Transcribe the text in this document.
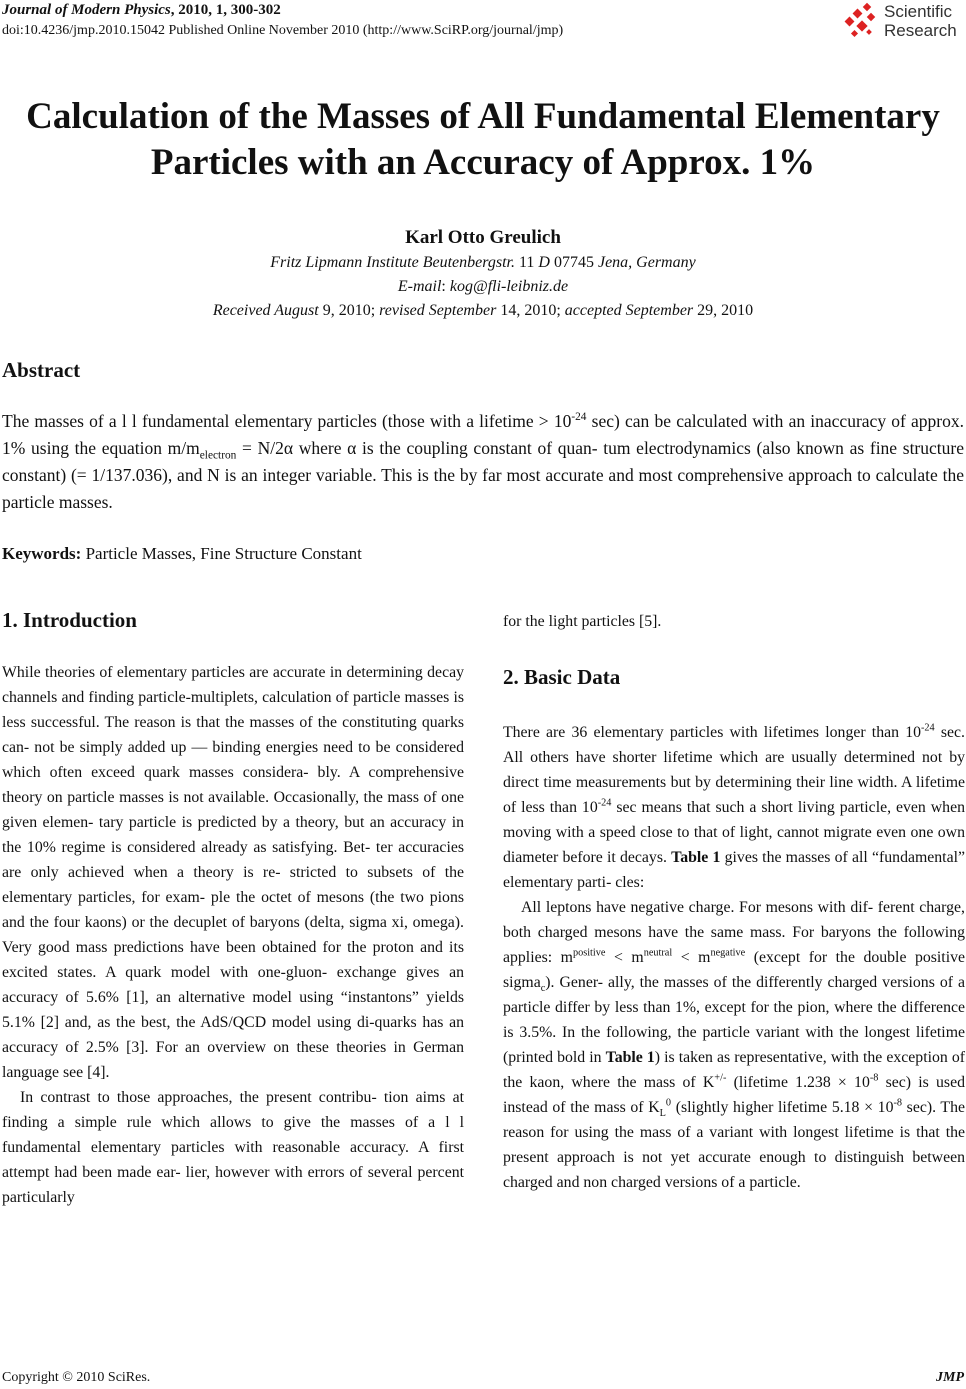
Journal of Modern Physics, 2010, 1, 300-302
doi:10.4236/jmp.2010.15042 Published Online November 2010 (http://www.SciRP.org/journal/jmp)
Scientific
Research
Calculation of the Masses of All Fundamental Elementary
Particles with an Accuracy of Approx. 1%
Karl Otto Greulich
Fritz Lipmann Institute Beutenbergstr. 11 D 07745 Jena, Germany
E-mail: kog@fli-leibniz.de
Received August 9, 2010; revised September 14, 2010; accepted September 29, 2010
Abstract
The masses of a l l fundamental elementary particles (those with a lifetime > $10^{-24}$ sec) can be calculated with an inaccuracy of approx. 1% using the equation $m/m_{electron} = N/2\alpha$ where α is the coupling constant of quan- tum electrodynamics (also known as fine structure constant) (= 1/137.036), and N is an integer variable. This is the by far most accurate and most comprehensive approach to calculate the particle masses.
Keywords: Particle Masses, Fine Structure Constant
1. Introduction

While theories of elementary particles are accurate in determining decay channels and finding particle-multiplets, calculation of particle masses is less successful. The reason is that the masses of the constituting quarks can- not be simply added up — binding energies need to be considered which often exceed quark masses considera- bly. A comprehensive theory on particle masses is not available. Occasionally, the mass of one given elemen- tary particle is predicted by a theory, but an accuracy in the 10% regime is considered already as satisfying. Bet- ter accuracies are only achieved when a theory is re- stricted to subsets of the elementary particles, for exam- ple the octet of mesons (the two pions and the four kaons) or the decuplet of baryons (delta, sigma xi, omega). Very good mass predictions have been obtained for the proton and its excited states. A quark model with one-gluon- exchange gives an accuracy of 5.6% [1], an alternative model using “instantons” yields 5.1% [2] and, as the best, the AdS/QCD model using di-quarks has an accuracy of 2.5% [3]. For an overview on these theories in German language see [4].

In contrast to those approaches, the present contribu- tion aims at finding a simple rule which allows to give the masses of a l l fundamental elementary particles with reasonable accuracy. A first attempt had been made ear- lier, however with errors of several percent particularly

for the light particles [5].
2. Basic Data

There are 36 elementary particles with lifetimes longer than $10^{-24}$ sec. All others have shorter lifetime which are usually determined not by direct time measurements but by determining their line width. A lifetime of less than $10^{-24}$ sec means that such a short living particle, even when moving with a speed close to that of light, cannot migrate even one own diameter before it decays. Table 1 gives the masses of all “fundamental” elementary parti- cles:

All leptons have negative charge. For mesons with dif- ferent charge, both charged mesons have the same mass. For baryons the following applies: $m^{positive} < m^{neutral} < m^{negative}$ (except for the double positive sigma$_c$). Gener- ally, the masses of the differently charged versions of a particle differ by less than 1%, except for the pion, where the difference is 3.5%. In the following, the particle variant with the longest lifetime (printed bold in Table 1) is taken as representative, with the exception of the kaon, where the mass of K+/- (lifetime $1.238 \times 10^{-8}$ sec) is used instead of the mass of $K_L^0$ (slightly higher lifetime $5.18 \times 10^{-8}$ sec). The reason for using the mass of a variant with longest lifetime is that the present approach is not yet accurate enough to distinguish between charged and non charged versions of a particle.

Copyright © 2010 SciRes.	JMP
